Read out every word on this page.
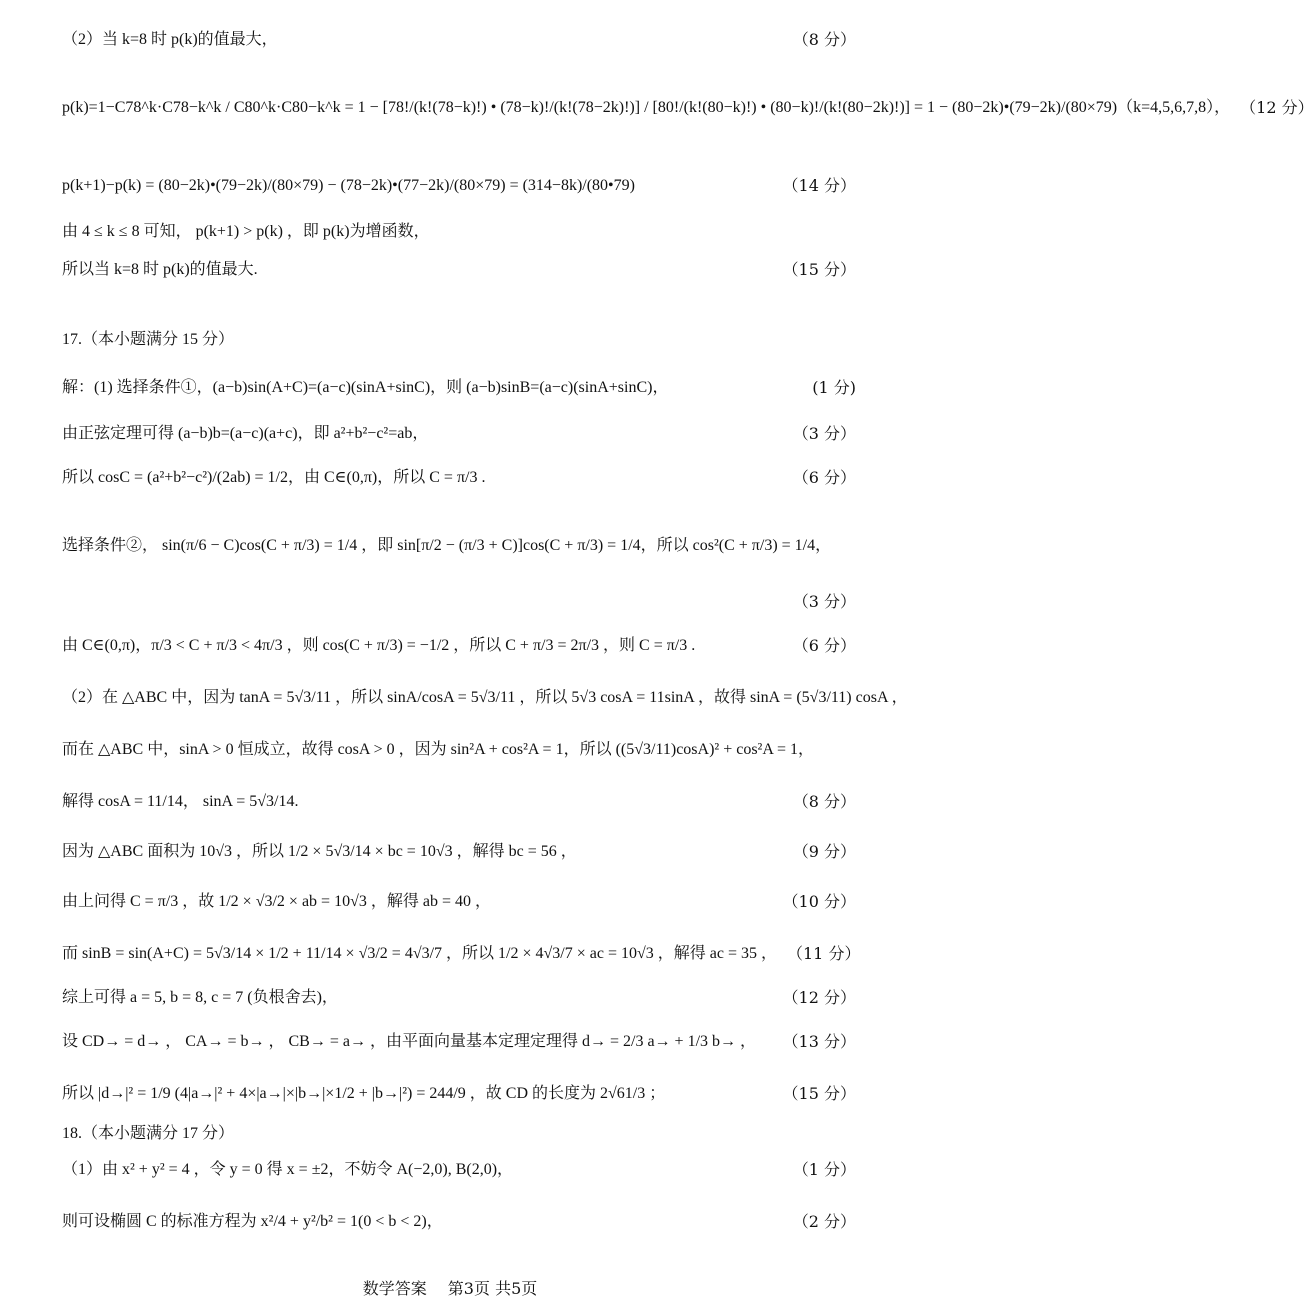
（2）当 k=8 时 p(k)的值最大，	（8 分）
p(k)=1−C78^k·C78−k^k / C80^k·C80−k^k = 1 − [78!/(k!(78−k)!) • (78−k)!/(k!(78−2k)!)] / [80!/(k!(80−k)!) • (80−k)!/(k!(80−2k)!)] = 1 − (80−2k)•(79−2k)/(80×79)（k=4,5,6,7,8）， （12 分）
p(k+1)−p(k) = (80−2k)•(79−2k)/(80×79) − (78−2k)•(77−2k)/(80×79) = (314−8k)/(80•79)	（14 分）
由 4 ≤ k ≤ 8 可知， p(k+1) > p(k) ，即 p(k)为增函数，
所以当 k=8 时 p(k)的值最大.	（15 分）
17.（本小题满分 15 分）
解：(1) 选择条件①，(a−b)sin(A+C)=(a−c)(sinA+sinC)，则 (a−b)sinB=(a−c)(sinA+sinC)，	(1 分)
由正弦定理可得 (a−b)b=(a−c)(a+c)，即 a²+b²−c²=ab，	（3 分）
所以 cosC = (a²+b²−c²)/(2ab) = 1/2，由 C∈(0,π)，所以 C = π/3 .	（6 分）
选择条件②， sin(π/6 − C)cos(C + π/3) = 1/4 ，即 sin[π/2 − (π/3 + C)]cos(C + π/3) = 1/4，所以 cos²(C + π/3) = 1/4，
（3 分）
由 C∈(0,π)，π/3 < C + π/3 < 4π/3 ，则 cos(C + π/3) = −1/2 ，所以 C + π/3 = 2π/3 ，则 C = π/3 .	（6 分）
（2）在 △ABC 中，因为 tanA = 5√3/11 ，所以 sinA/cosA = 5√3/11 ，所以 5√3 cosA = 11sinA ，故得 sinA = (5√3/11) cosA ，
而在 △ABC 中，sinA > 0 恒成立，故得 cosA > 0 ，因为 sin²A + cos²A = 1，所以 ((5√3/11)cosA)² + cos²A = 1，
解得 cosA = 11/14， sinA = 5√3/14.	（8 分）
因为 △ABC 面积为 10√3 ，所以 1/2 × 5√3/14 × bc = 10√3 ，解得 bc = 56 ，	（9 分）
由上问得 C = π/3 ，故 1/2 × √3/2 × ab = 10√3 ，解得 ab = 40 ，	（10 分）
而 sinB = sin(A+C) = 5√3/14 × 1/2 + 11/14 × √3/2 = 4√3/7 ，所以 1/2 × 4√3/7 × ac = 10√3 ，解得 ac = 35 ， （11 分）
综上可得 a = 5, b = 8, c = 7 (负根舍去)，	（12 分）
设 CD→ = d→ ， CA→ = b→ ， CB→ = a→ ，由平面向量基本定理定理得 d→ = 2/3 a→ + 1/3 b→ ，	（13 分）
所以 |d→|² = 1/9 (4|a→|² + 4×|a→|×|b→|×1/2 + |b→|²) = 244/9 ，故 CD 的长度为 2√61/3 ；	（15 分）
18.（本小题满分 17 分）
（1）由 x² + y² = 4 ，令 y = 0 得 x = ±2，不妨令 A(−2,0), B(2,0)，	（1 分）
则可设椭圆 C 的标准方程为 x²/4 + y²/b² = 1(0 < b < 2)，	（2 分）
数学答案　 第3页 共5页
